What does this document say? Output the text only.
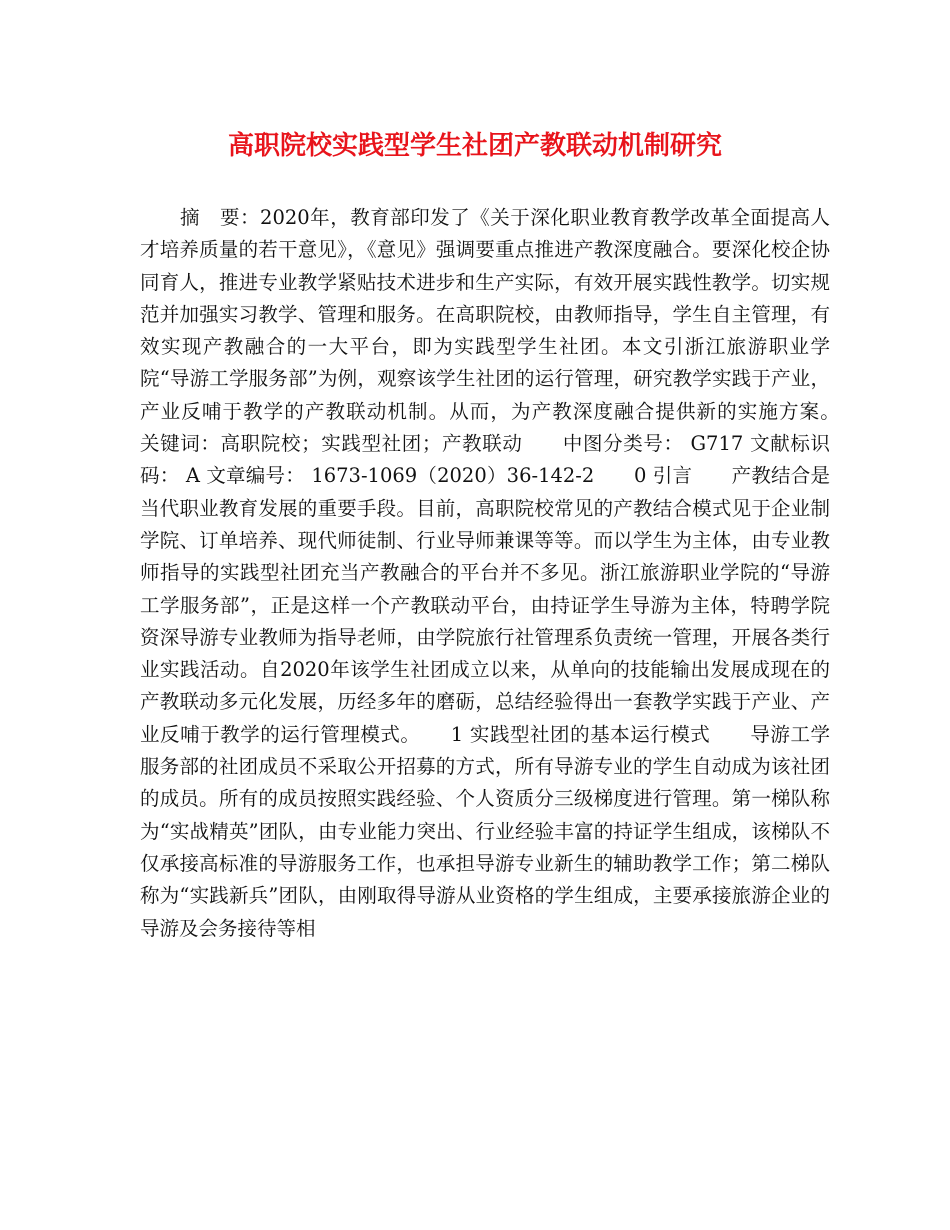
高职院校实践型学生社团产教联动机制研究

摘　要：2020年，教育部印发了《关于深化职业教育教学改革全面提高人才培养质量的若干意见》，《意见》强调要重点推进产教深度融合。要深化校企协同育人，推进专业教学紧贴技术进步和生产实际，有效开展实践性教学。切实规范并加强实习教学、管理和服务。在高职院校，由教师指导，学生自主管理，有效实现产教融合的一大平台，即为实践型学生社团。本文引浙江旅游职业学院“导游工学服务部”为例，观察该学生社团的运行管理，研究教学实践于产业，产业反哺于教学的产教联动机制。从而，为产教深度融合提供新的实施方案。　　关键词：高职院校；实践型社团；产教联动　　中图分类号： G717 文献标识码： A 文章编号： 1673-1069（2020）36-142-2　　0 引言　　产教结合是当代职业教育发展的重要手段。目前，高职院校常见的产教结合模式见于企业制学院、订单培养、现代师徒制、行业导师兼课等等。而以学生为主体，由专业教师指导的实践型社团充当产教融合的平台并不多见。浙江旅游职业学院的“导游工学服务部”，正是这样一个产教联动平台，由持证学生导游为主体，特聘学院资深导游专业教师为指导老师，由学院旅行社管理系负责统一管理，开展各类行业实践活动。自2020年该学生社团成立以来，从单向的技能输出发展成现在的产教联动多元化发展，历经多年的磨砺，总结经验得出一套教学实践于产业、产业反哺于教学的运行管理模式。　　1 实践型社团的基本运行模式　　导游工学服务部的社团成员不采取公开招募的方式，所有导游专业的学生自动成为该社团的成员。所有的成员按照实践经验、个人资质分三级梯度进行管理。第一梯队称为“实战精英”团队，由专业能力突出、行业经验丰富的持证学生组成，该梯队不仅承接高标准的导游服务工作，也承担导游专业新生的辅助教学工作；第二梯队称为“实践新兵”团队，由刚取得导游从业资格的学生组成，主要承接旅游企业的导游及会务接待等相
